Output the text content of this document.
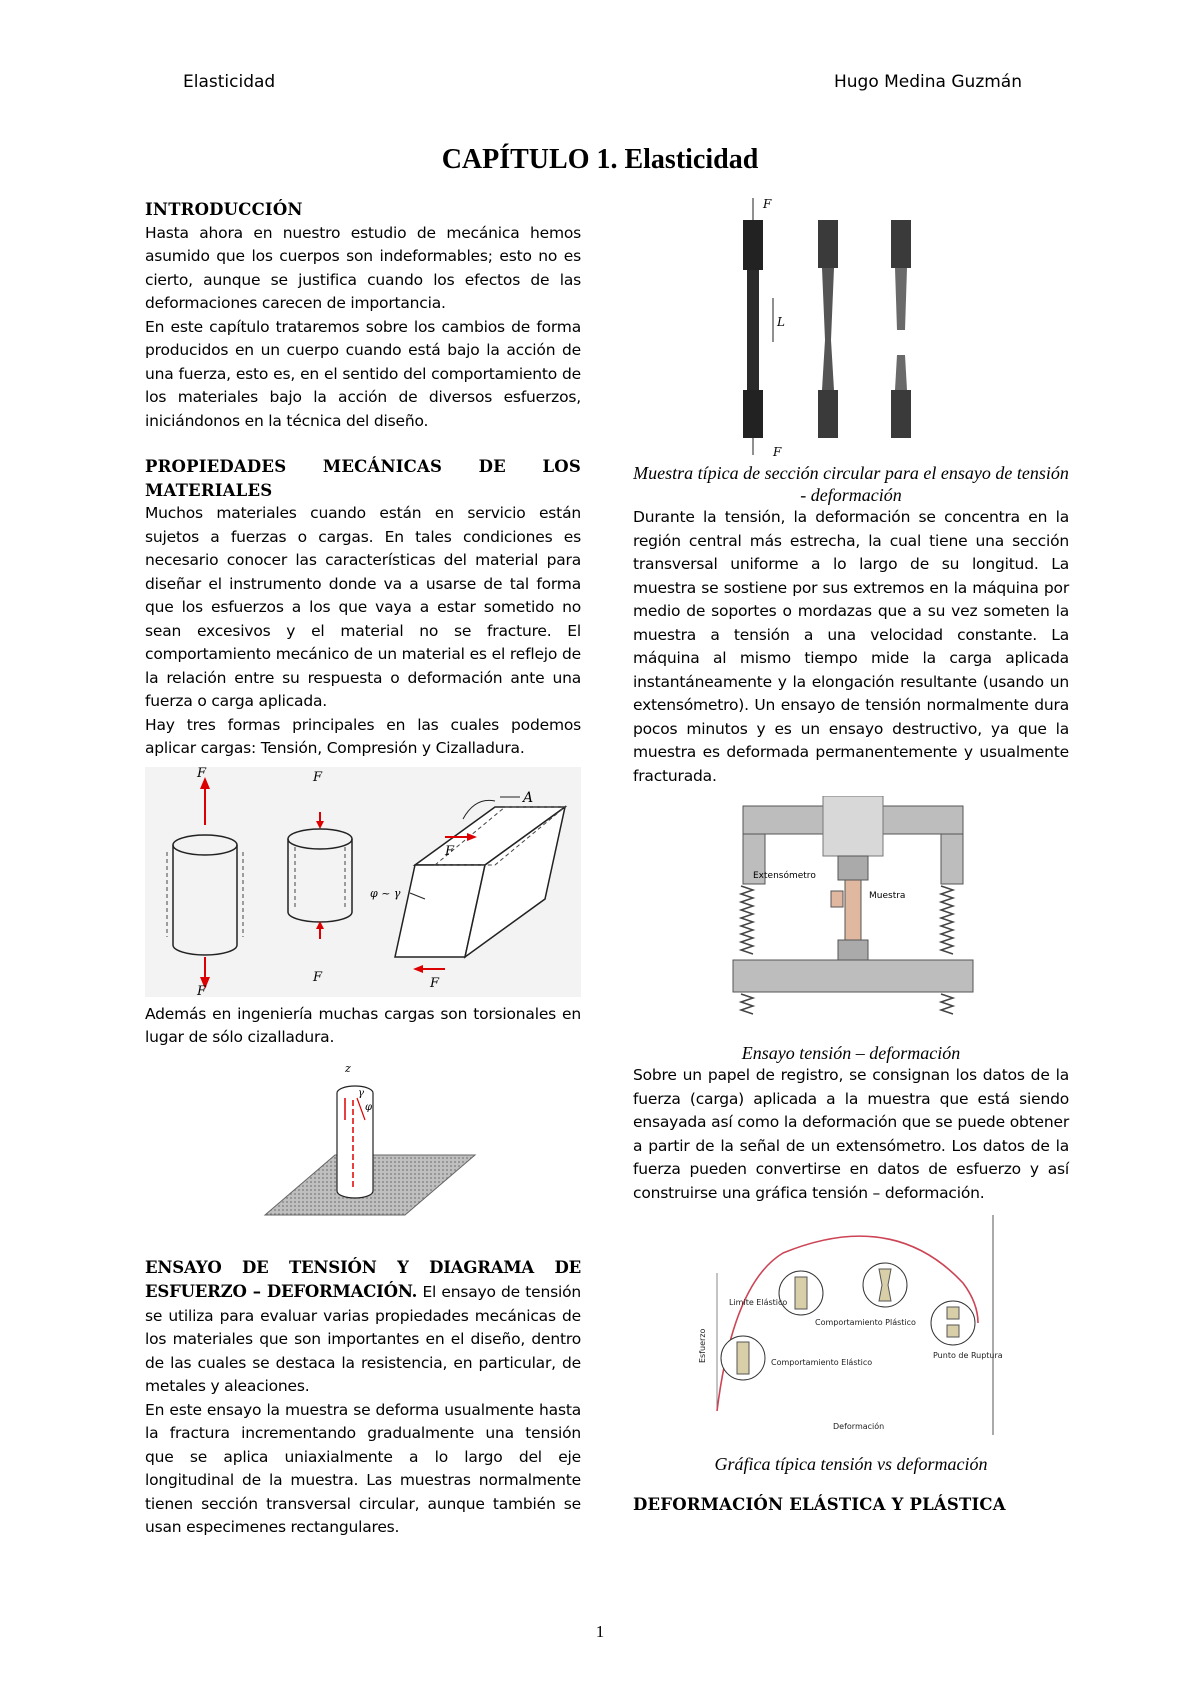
Elasticidad	Hugo Medina Guzmán
CAPÍTULO 1. Elasticidad

INTRODUCCIÓN

Hasta ahora en nuestro estudio de mecánica hemos asumido que los cuerpos son indeformables; esto no es cierto, aunque se justifica cuando los efectos de las deformaciones carecen de importancia.

En este capítulo trataremos sobre los cambios de forma producidos en un cuerpo cuando está bajo la acción de una fuerza, esto es, en el sentido del comportamiento de los materiales bajo la acción de diversos esfuerzos, iniciándonos en la técnica del diseño.

PROPIEDADES MECÁNICAS DE LOS MATERIALES

Muchos materiales cuando están en servicio están sujetos a fuerzas o cargas. En tales condiciones es necesario conocer las características del material para diseñar el instrumento donde va a usarse de tal forma que los esfuerzos a los que vaya a estar sometido no sean excesivos y el material no se fracture. El comportamiento mecánico de un material es el reflejo de la relación entre su respuesta o deformación ante una fuerza o carga aplicada.

Hay tres formas principales en las cuales podemos aplicar cargas: Tensión, Compresión y Cizalladura.

F
F
F
F
F
A
F
φ ~ γ

Además en ingeniería muchas cargas son torsionales en lugar de sólo cizalladura.

z
γ
φ

ENSAYO DE TENSIÓN Y DIAGRAMA DE ESFUERZO – DEFORMACIÓN. El ensayo de tensión se utiliza para evaluar varias propiedades mecánicas de los materiales que son importantes en el diseño, dentro de las cuales se destaca la resistencia, en particular, de metales y aleaciones.

En este ensayo la muestra se deforma usualmente hasta la fractura incrementando gradualmente una tensión que se aplica uniaxialmente a lo largo del eje longitudinal de la muestra. Las muestras normalmente tienen sección transversal circular, aunque también se usan especimenes rectangulares.

F
L
F

Muestra típica de sección circular para el ensayo de tensión - deformación

Durante la tensión, la deformación se concentra en la región central más estrecha, la cual tiene una sección transversal uniforme a lo largo de su longitud. La muestra se sostiene por sus extremos en la máquina por medio de soportes o mordazas que a su vez someten la muestra a tensión a una velocidad constante. La máquina al mismo tiempo mide la carga aplicada instantáneamente y la elongación resultante (usando un extensómetro). Un ensayo de tensión normalmente dura pocos minutos y es un ensayo destructivo, ya que la muestra es deformada permanentemente y usualmente fracturada.

Extensómetro
Muestra

Ensayo tensión – deformación

Sobre un papel de registro, se consignan los datos de la fuerza (carga) aplicada a la muestra que está siendo ensayada así como la deformación que se puede obtener a partir de la señal de un extensómetro. Los datos de la fuerza pueden convertirse en datos de esfuerzo y así construirse una gráfica tensión – deformación.

Limite Elástico
Comportamiento Plástico
Comportamiento Elástico
Punto de Ruptura
Deformación
Esfuerzo

Gráfica típica tensión vs deformación

DEFORMACIÓN ELÁSTICA Y PLÁSTICA

1
